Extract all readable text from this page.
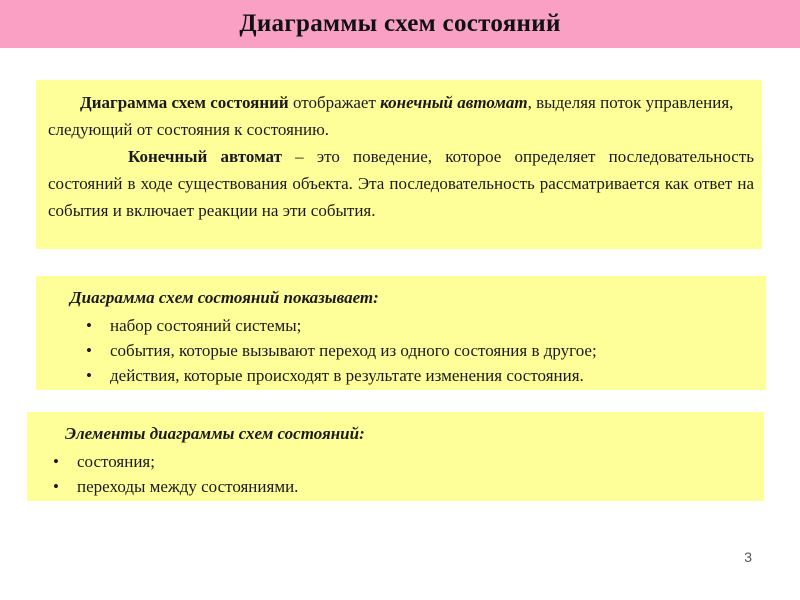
Диаграммы схем состояний

Диаграмма схем состояний отображает конечный автомат, выделяя поток управления, следующий от состояния к состоянию.

Конечный автомат – это поведение, которое определяет последовательность состояний в ходе существования объекта. Эта последовательность рассматривается как ответ на события и включает реакции на эти события.

Диаграмма схем состояний показывает:

• набор состояний системы;
• события, которые вызывают переход из одного состояния в другое;
• действия, которые происходят в результате изменения состояния.

Элементы диаграммы схем состояний:

• состояния;
• переходы между состояниями.
3
